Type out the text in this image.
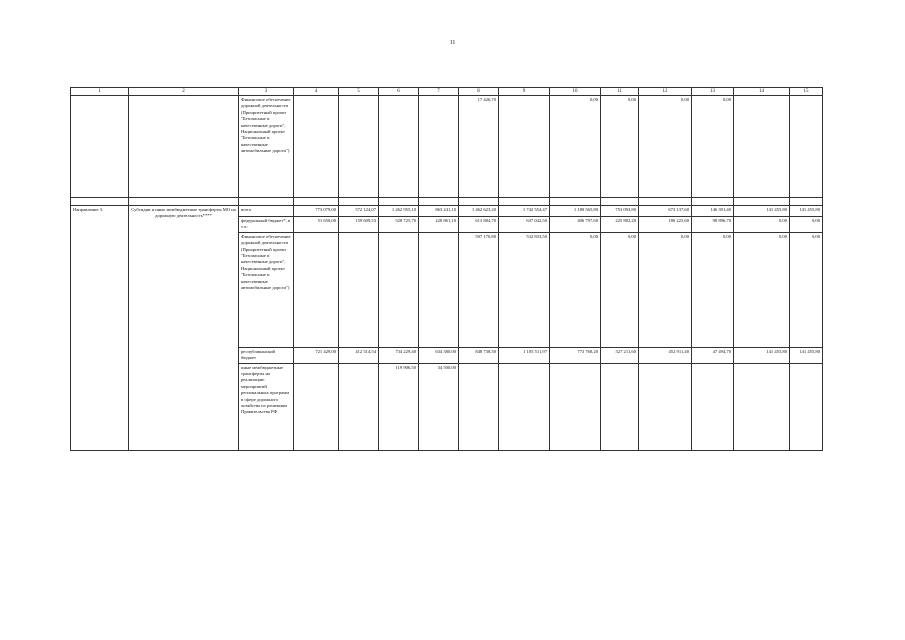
11
1	2	3	4	5	6	7	8	9	10	11	12	13	14	15
		Финансовое обеспечение дорожной деятельности (Приоритетный проект "Безопасные и качественные дороги", Национальный проект "Безопасные и качественные автомобильные дороги")					17 426,70		0,00	0,00	0,00	0,00		

Направление 3.	Субсидии и иные межбюджетные трансферты МО на дорожную деятельность****	всего	773 079,00	572 124,07	1 262 955,10	863 241,10	1 462 623,20	1 742 554,47	1 180 565,80	753 093,80	673 137,60	146 391,40	141 455,80	141 455,80
		федеральный бюджет*, в т.ч.:	51 650,00	159 609,53	528 725,70	228 861,10	613 884,70	637 042,50	406 797,60	225 882,20	180 225,60	98 896,70	0,00	0,00
		Финансовое обеспечение дорожной деятельности (Приоритетный проект "Безопасные и качественные дороги", Национальный проект "Безопасные и качественные автомобильные дороги")					597 170,80	532 833,50	0,00	0,00	0,00	0,00	0,00	0,00
		республиканский бюджет	721 429,00	412 514,54	734 229,40	634 380,00	848 738,50	1 105 511,97	773 768,20	527 211,60	452 911,40	47 494,70	141 455,80	141 455,80
		иные межбюджетные трансферты на реализацию мероприятий региональных программ в сфере дорожного хозяйства по решениям Правительства РФ			119 906,50	34 500,00								
